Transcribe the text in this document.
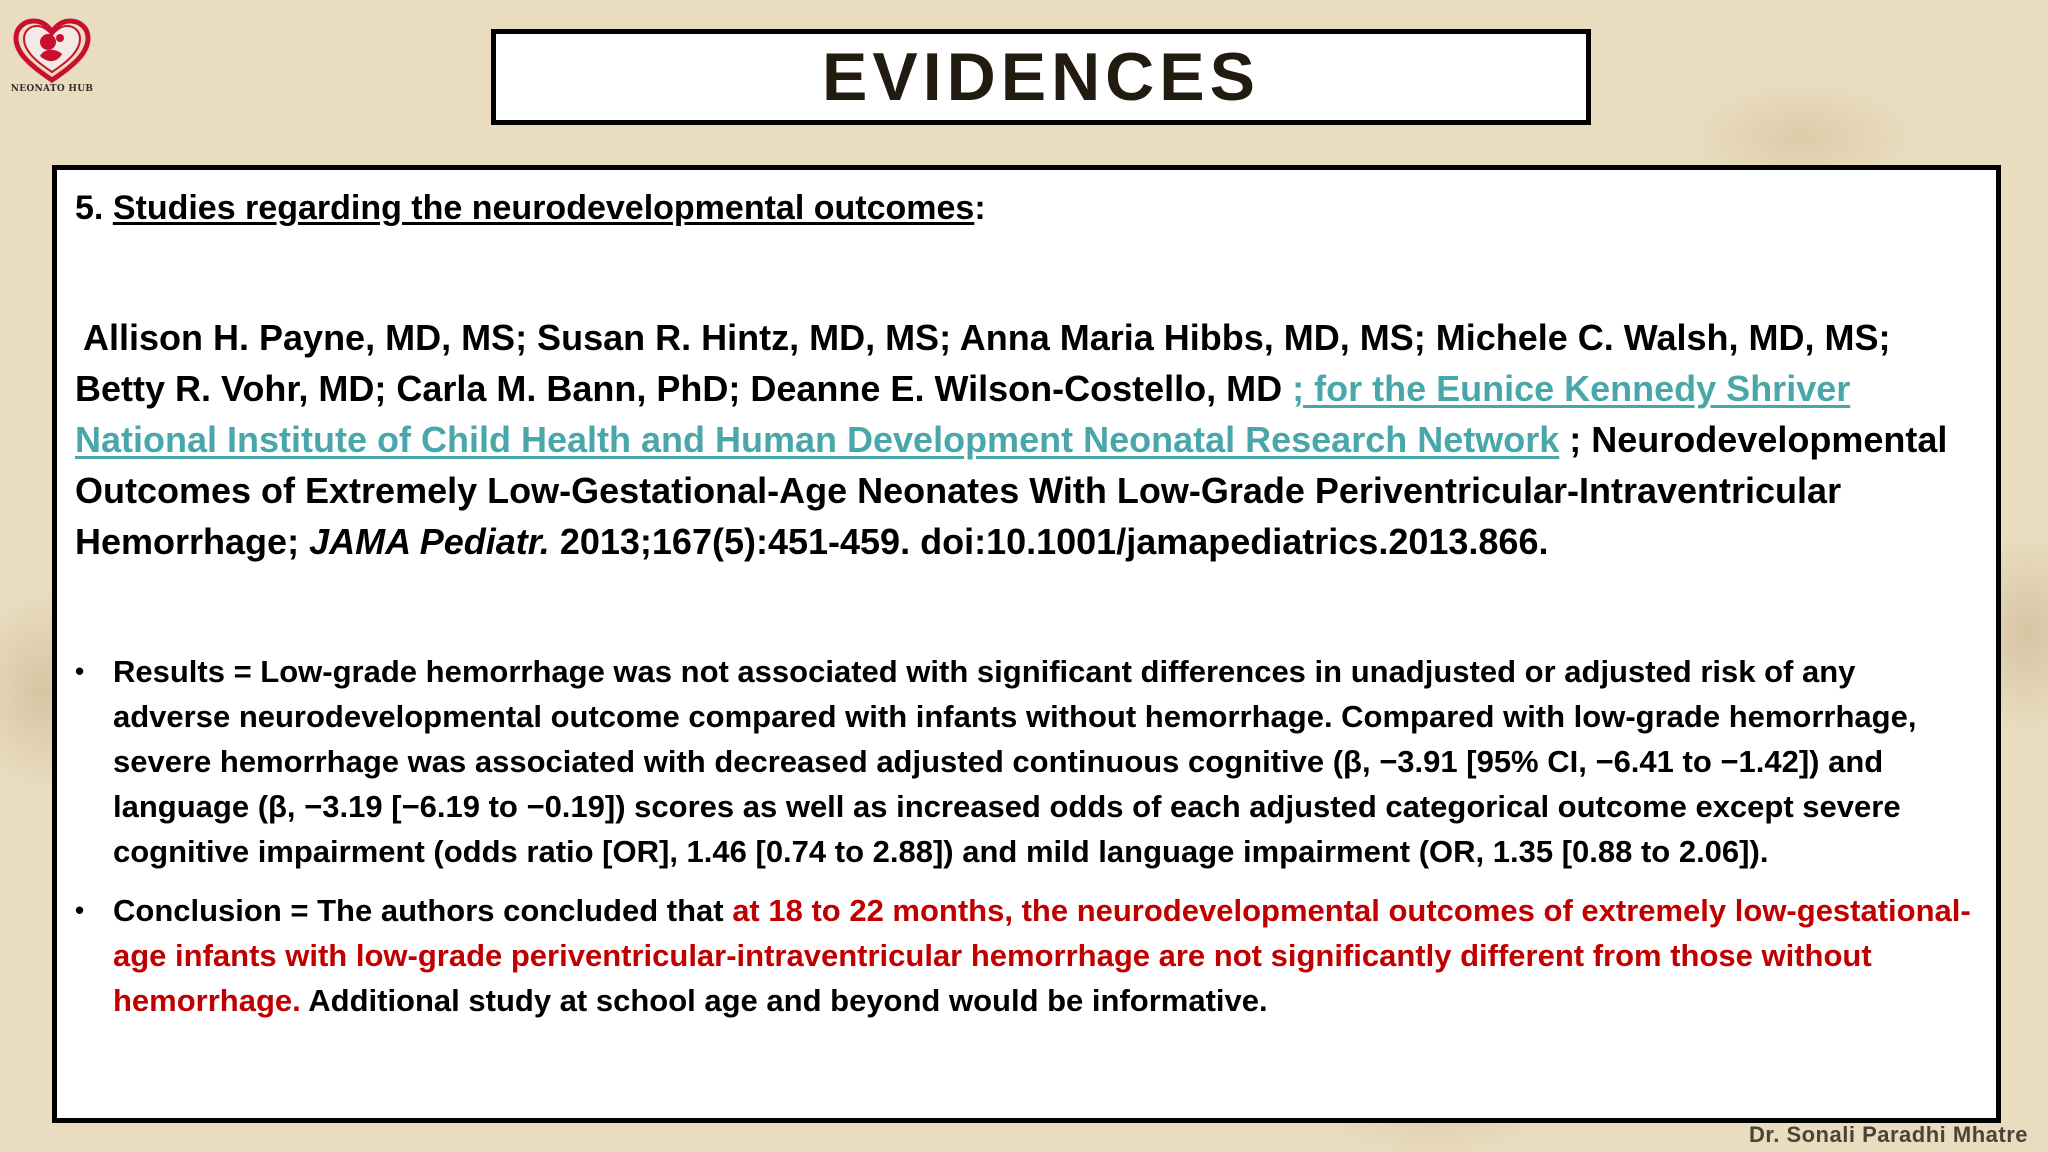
NEONATO HUB	EVIDENCES
5. Studies regarding the neurodevelopmental outcomes:
Allison H. Payne, MD, MS; Susan R. Hintz, MD, MS; Anna Maria Hibbs, MD, MS; Michele C. Walsh, MD, MS; Betty R. Vohr, MD; Carla M. Bann, PhD; Deanne E. Wilson-Costello, MD ; for the Eunice Kennedy Shriver National Institute of Child Health and Human Development Neonatal Research Network ; Neurodevelopmental Outcomes of Extremely Low-Gestational-Age Neonates With Low-Grade Periventricular-Intraventricular Hemorrhage; JAMA Pediatr. 2013;167(5):451-459. doi:10.1001/jamapediatrics.2013.866.
• Results = Low-grade hemorrhage was not associated with significant differences in unadjusted or adjusted risk of any adverse neurodevelopmental outcome compared with infants without hemorrhage. Compared with low-grade hemorrhage, severe hemorrhage was associated with decreased adjusted continuous cognitive (β, −3.91 [95% CI, −6.41 to −1.42]) and language (β, −3.19 [−6.19 to −0.19]) scores as well as increased odds of each adjusted categorical outcome except severe cognitive impairment (odds ratio [OR], 1.46 [0.74 to 2.88]) and mild language impairment (OR, 1.35 [0.88 to 2.06]).
• Conclusion = The authors concluded that at 18 to 22 months, the neurodevelopmental outcomes of extremely low-gestational-age infants with low-grade periventricular-intraventricular hemorrhage are not significantly different from those without hemorrhage. Additional study at school age and beyond would be informative.
Dr. Sonali Paradhi Mhatre
